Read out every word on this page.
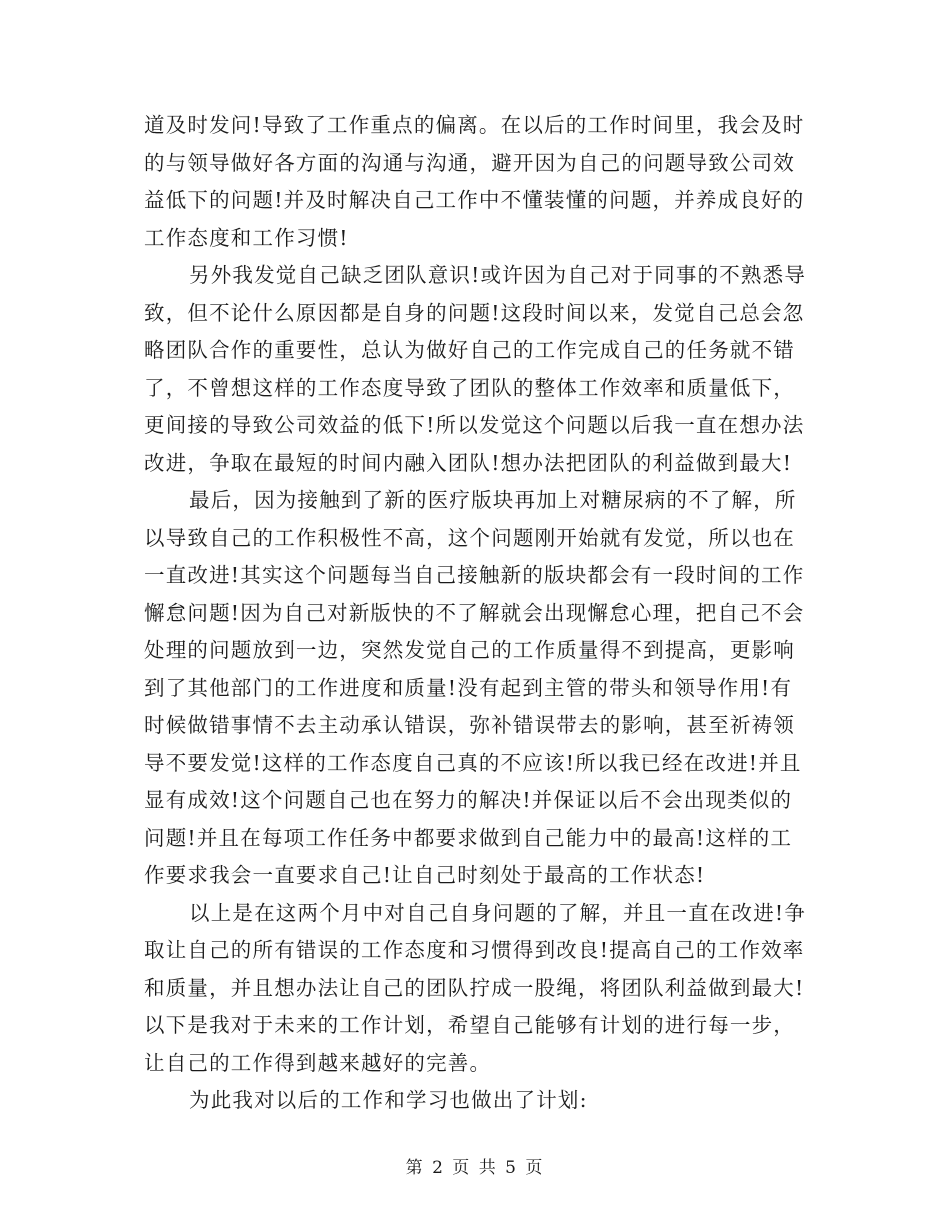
道及时发问!导致了工作重点的偏离。在以后的工作时间里，我会及时
的与领导做好各方面的沟通与沟通，避开因为自己的问题导致公司效
益低下的问题!并及时解决自己工作中不懂装懂的问题，并养成良好的
工作态度和工作习惯!
另外我发觉自己缺乏团队意识!或许因为自己对于同事的不熟悉导
致，但不论什么原因都是自身的问题!这段时间以来，发觉自己总会忽
略团队合作的重要性，总认为做好自己的工作完成自己的任务就不错
了，不曾想这样的工作态度导致了团队的整体工作效率和质量低下，
更间接的导致公司效益的低下!所以发觉这个问题以后我一直在想办法
改进，争取在最短的时间内融入团队!想办法把团队的利益做到最大!
最后，因为接触到了新的医疗版块再加上对糖尿病的不了解，所
以导致自己的工作积极性不高，这个问题刚开始就有发觉，所以也在
一直改进!其实这个问题每当自己接触新的版块都会有一段时间的工作
懈怠问题!因为自己对新版快的不了解就会出现懈怠心理，把自己不会
处理的问题放到一边，突然发觉自己的工作质量得不到提高，更影响
到了其他部门的工作进度和质量!没有起到主管的带头和领导作用!有
时候做错事情不去主动承认错误，弥补错误带去的影响，甚至祈祷领
导不要发觉!这样的工作态度自己真的不应该!所以我已经在改进!并且
显有成效!这个问题自己也在努力的解决!并保证以后不会出现类似的
问题!并且在每项工作任务中都要求做到自己能力中的最高!这样的工
作要求我会一直要求自己!让自己时刻处于最高的工作状态!
以上是在这两个月中对自己自身问题的了解，并且一直在改进!争
取让自己的所有错误的工作态度和习惯得到改良!提高自己的工作效率
和质量，并且想办法让自己的团队拧成一股绳，将团队利益做到最大!
以下是我对于未来的工作计划，希望自己能够有计划的进行每一步，
让自己的工作得到越来越好的完善。
为此我对以后的工作和学习也做出了计划:
第 2 页 共 5 页
